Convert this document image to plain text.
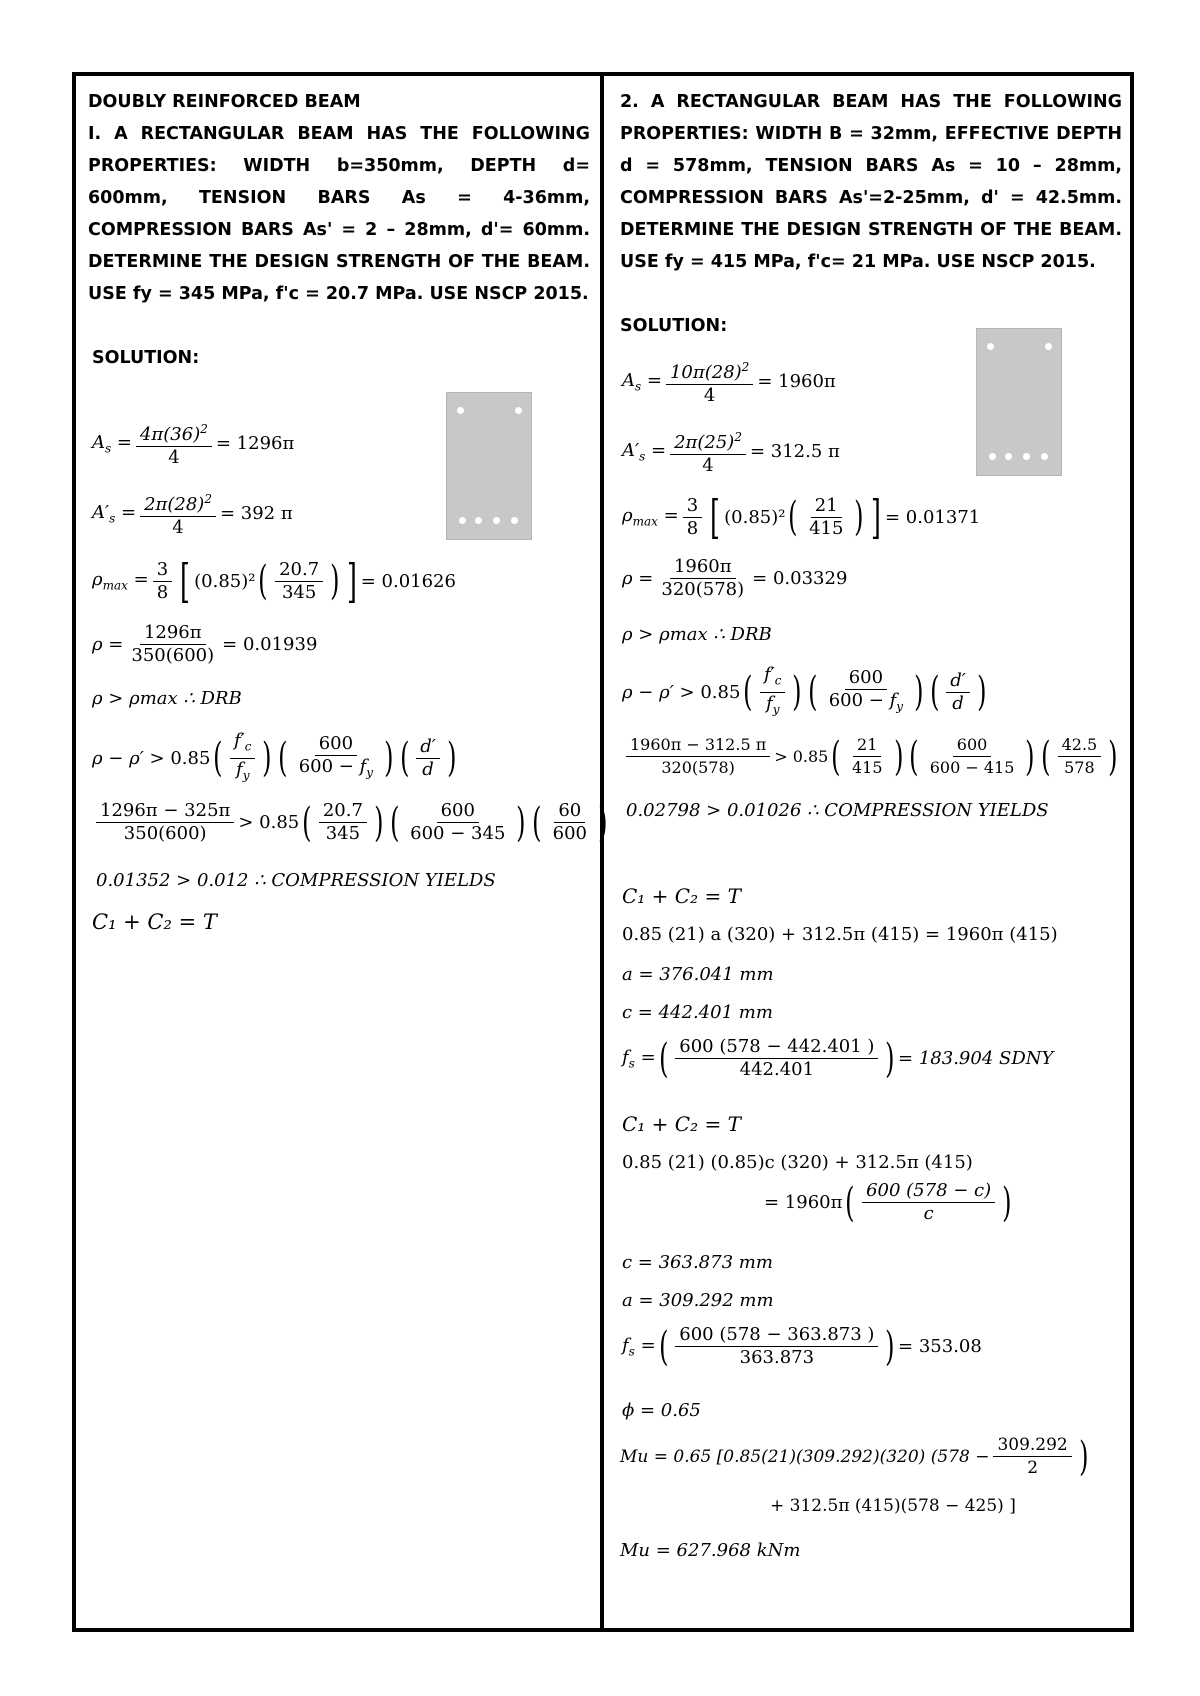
DOUBLY REINFORCED BEAM

I. A RECTANGULAR BEAM HAS THE FOLLOWING PROPERTIES: WIDTH b=350mm, DEPTH d= 600mm, TENSION BARS As = 4-36mm, COMPRESSION BARS As' = 2 – 28mm, d'= 60mm. DETERMINE THE DESIGN STRENGTH OF THE BEAM. USE fy = 345 MPa, f'c = 20.7 MPa. USE NSCP 2015.

SOLUTION:

$A_s = \frac{4\pi(36)^2}{4} = 1296\pi$
$A'_s = \frac{2\pi(28)^2}{4} = 392$ π
$\rho_{max} = \frac{3}{8}$ [ (0.85)² ( $\frac{20.7}{345}$ ) ] = 0.01626
$\rho = \frac{1296\pi}{350(600)} = 0.01939$
ρ > ρmax ∴ DRB
ρ − ρ′ > 0.85 ( $\frac{f'_c}{f_y}$ ) ( $\frac{600}{600 - f_y}$ ) ( $\frac{d'}{d}$ )
$\frac{1296\pi - 325\pi}{350(600)} > 0.85$ ( $\frac{20.7}{345}$ ) ( $\frac{600}{600 - 345}$ ) ( $\frac{60}{600}$ )
0.01352 > 0.012 ∴ COMPRESSION YIELDS
C₁ + C₂ = T

2. A RECTANGULAR BEAM HAS THE FOLLOWING PROPERTIES: WIDTH B = 32mm, EFFECTIVE DEPTH d = 578mm, TENSION BARS As = 10 – 28mm, COMPRESSION BARS As'=2-25mm, d' = 42.5mm. DETERMINE THE DESIGN STRENGTH OF THE BEAM. USE fy = 415 MPa, f'c= 21 MPa. USE NSCP 2015.

SOLUTION:

$A_s = \frac{10\pi(28)^2}{4} = 1960\pi$
$A'_s = \frac{2\pi(25)^2}{4} = 312.5$ π
$\rho_{max} = \frac{3}{8}$ [ (0.85)² ( $\frac{21}{415}$ ) ] = 0.01371
$\rho = \frac{1960\pi}{320(578)} = 0.03329$
ρ > ρmax ∴ DRB
ρ − ρ′ > 0.85 ( $\frac{f'_c}{f_y}$ ) ( $\frac{600}{600 - f_y}$ ) ( $\frac{d'}{d}$ )
$\frac{1960\pi - 312.5 \pi}{320(578)} > 0.85$ ( $\frac{21}{415}$ ) ( $\frac{600}{600 - 415}$ ) ( $\frac{42.5}{578}$ )
0.02798 > 0.01026 ∴ COMPRESSION YIELDS
C₁ + C₂ = T
0.85 (21) a (320) + 312.5π (415) = 1960π (415)
a = 376.041 mm
c = 442.401 mm
$f_s$ = ( $\frac{600 (578 - 442.401 )}{442.401}$ ) = 183.904 SDNY
C₁ + C₂ = T
0.85 (21) (0.85)c (320) + 312.5π (415)
= 1960π ( $\frac{600 (578 - c)}{c}$ )
c = 363.873 mm
a = 309.292 mm
$f_s$ = ( $\frac{600 (578 - 363.873 )}{363.873}$ ) = 353.08
ϕ = 0.65
Mu = 0.65 [0.85(21)(309.292)(320) ($578 - \frac{309.292}{2}$ )
+ 312.5π (415)(578 − 425) ]
Mu = 627.968 kNm
